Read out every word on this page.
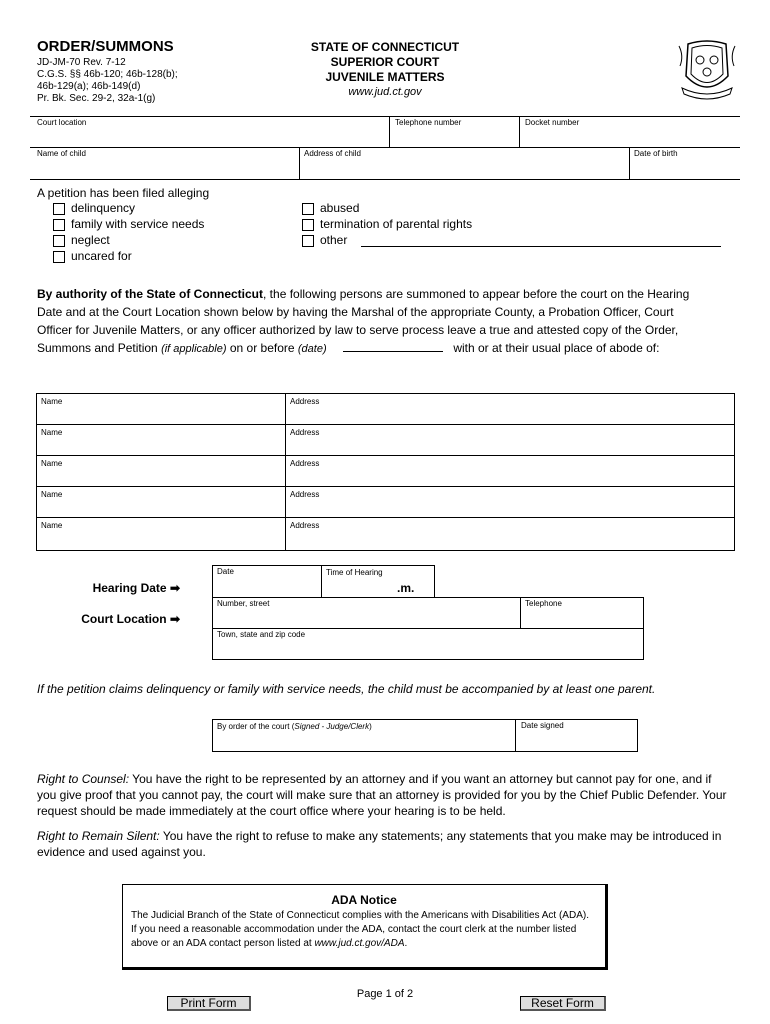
ORDER/SUMMONS
JD-JM-70 Rev. 7-12
C.G.S. §§ 46b-120; 46b-128(b);
46b-129(a); 46b-149(d)
Pr. Bk. Sec. 29-2, 32a-1(g)
STATE OF CONNECTICUT
SUPERIOR COURT
JUVENILE MATTERS
www.jud.ct.gov
Court location	Telephone number	Docket number
Name of child	Address of child	Date of birth
A petition has been filed alleging
delinquency
family with service needs
neglect
uncared for
abused
termination of parental rights
other
By authority of the State of Connecticut, the following persons are summoned to appear before the court on the Hearing Date and at the Court Location shown below by having the Marshal of the appropriate County, a Probation Officer, Court Officer for Juvenile Matters, or any officer authorized by law to serve process leave a true and attested copy of the Order, Summons and Petition (if applicable) on or before (date)	with or at their usual place of abode of:
Name	Address
Name	Address
Name	Address
Name	Address
Name	Address
Hearing Date ➡
Court Location ➡
Date	Time of Hearing
.m.
Number, street	Telephone
Town, state and zip code
If the petition claims delinquency or family with service needs, the child must be accompanied by at least one parent.
By order of the court (Signed - Judge/Clerk)	Date signed
Right to Counsel: You have the right to be represented by an attorney and if you want an attorney but cannot pay for one, and if you give proof that you cannot pay, the court will make sure that an attorney is provided for you by the Chief Public Defender. Your request should be made immediately at the court office where your hearing is to be held.
Right to Remain Silent: You have the right to refuse to make any statements; any statements that you make may be introduced in evidence and used against you.
ADA Notice
The Judicial Branch of the State of Connecticut complies with the Americans with Disabilities Act (ADA). If you need a reasonable accommodation under the ADA, contact the court clerk at the number listed above or an ADA contact person listed at www.jud.ct.gov/ADA.
Page 1 of 2
Print Form	Reset Form
